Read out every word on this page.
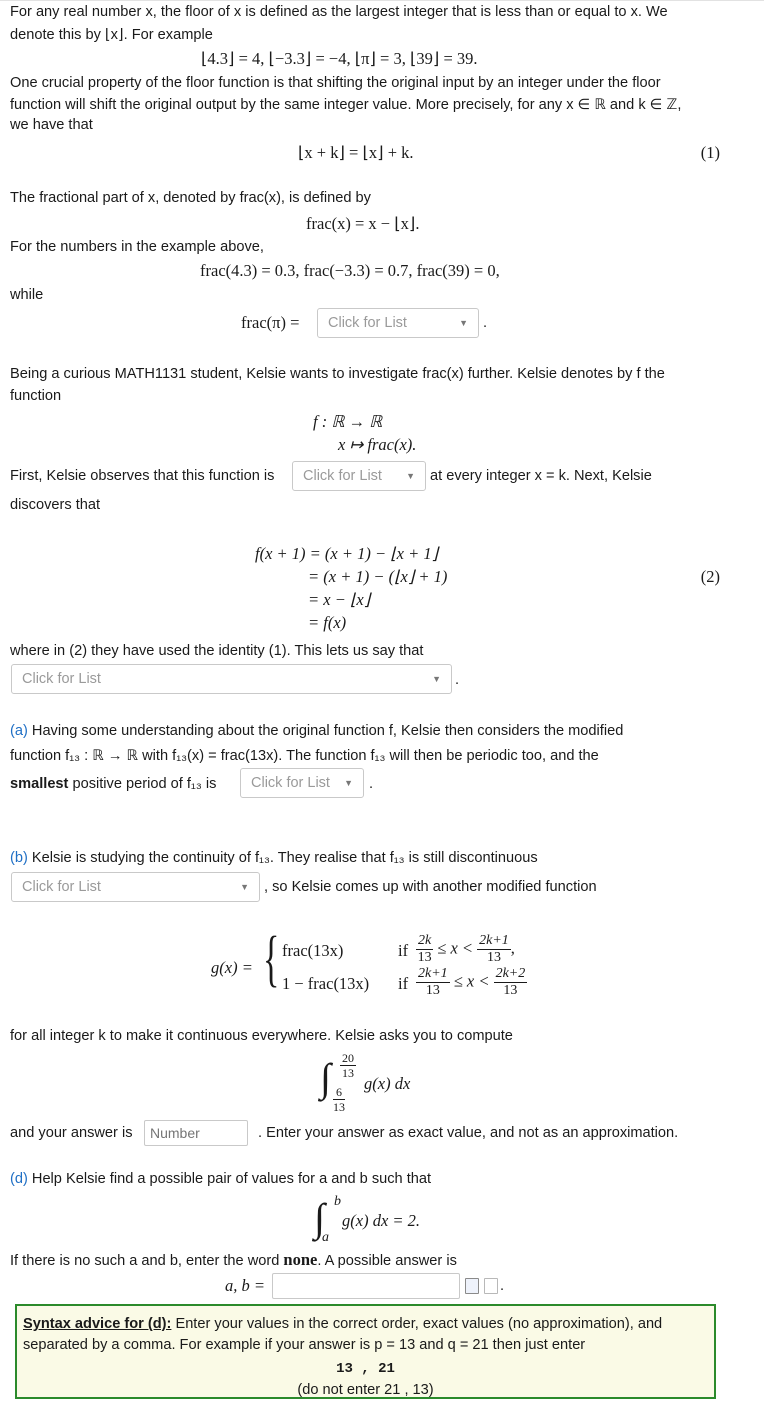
For any real number x, the floor of x is defined as the largest integer that is less than or equal to x. We
denote this by ⌊x⌋. For example
⌊4.3⌋ = 4, ⌊−3.3⌋ = −4, ⌊π⌋ = 3, ⌊39⌋ = 39.
One crucial property of the floor function is that shifting the original input by an integer under the floor
function will shift the original output by the same integer value. More precisely, for any x ∈ ℝ and k ∈ ℤ,
we have that
⌊x + k⌋ = ⌊x⌋ + k.	(1)
The fractional part of x, denoted by frac(x), is defined by
frac(x) = x − ⌊x⌋.
For the numbers in the example above,
frac(4.3) = 0.3, frac(−3.3) = 0.7, frac(39) = 0,
while
frac(π) = Click for List	▼ .
Being a curious MATH1131 student, Kelsie wants to investigate frac(x) further. Kelsie denotes by f the
function
f : ℝ → ℝ
x ↦ frac(x).
First, Kelsie observes that this function is Click for List	▼ at every integer x = k. Next, Kelsie
discovers that
f(x + 1) = (x + 1) − ⌊x + 1⌋
= (x + 1) − (⌊x⌋ + 1)
= x − ⌊x⌋
= f(x)
(2)
where in (2) they have used the identity (1). This lets us say that
Click for List	▼ .
(a) Having some understanding about the original function f, Kelsie then considers the modified
function f₁₃ : ℝ → ℝ with f₁₃(x) = frac(13x). The function f₁₃ will then be periodic too, and the
smallest positive period of f₁₃ is Click for List ▼ .
(b) Kelsie is studying the continuity of f₁₃. They realise that f₁₃ is still discontinuous
Click for List	▼ , so Kelsie comes up with another modified function
g(x) = { frac(13x)	if $\frac{2k}{13} \le x < \frac{2k+1}{13}$ ,
1 − frac(13x) if $\frac{2k+1}{13} \le x < \frac{2k+2}{13}$
for all integer k to make it continuous everywhere. Kelsie asks you to compute
∫ $\frac{20}{13}$
$\frac{6}{13}$
g(x) dx
and your answer is
Number	. Enter your answer as exact value, and not as an approximation.
(d) Help Kelsie find a possible pair of values for a and b such that
∫ b
a
g(x) dx = 2.
If there is no such a and b, enter the word none. A possible answer is
a, b =	.
Syntax advice for (d): Enter your values in the correct order, exact values (no approximation), and
separated by a comma. For example if your answer is p = 13 and q = 21 then just enter
13 , 21
(do not enter 21 , 13)
